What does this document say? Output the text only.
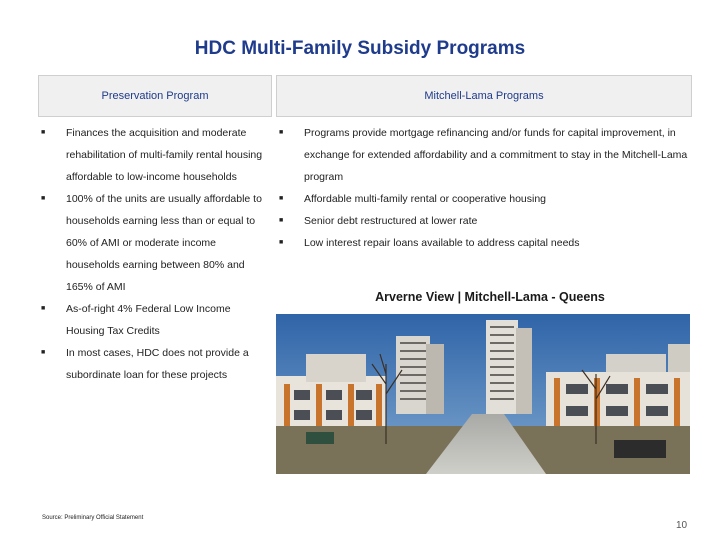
HDC Multi-Family Subsidy Programs
Preservation Program	Mitchell-Lama Programs
■ Finances the acquisition and moderate rehabilitation of multi-family rental housing affordable to low-income households
■ 100% of the units are usually affordable to households earning less than or equal to 60% of AMI or moderate income households earning between 80% and 165% of AMI
■ As-of-right 4% Federal Low Income Housing Tax Credits
■ In most cases, HDC does not provide a subordinate loan for these projects
■ Programs provide mortgage refinancing and/or funds for capital improvement, in exchange for extended affordability and a commitment to stay in the Mitchell-Lama program
■ Affordable multi-family rental or cooperative housing
■ Senior debt restructured at lower rate
■ Low interest repair loans available to address capital needs
Arverne View | Mitchell-Lama - Queens
Source: Preliminary Official Statement
10
